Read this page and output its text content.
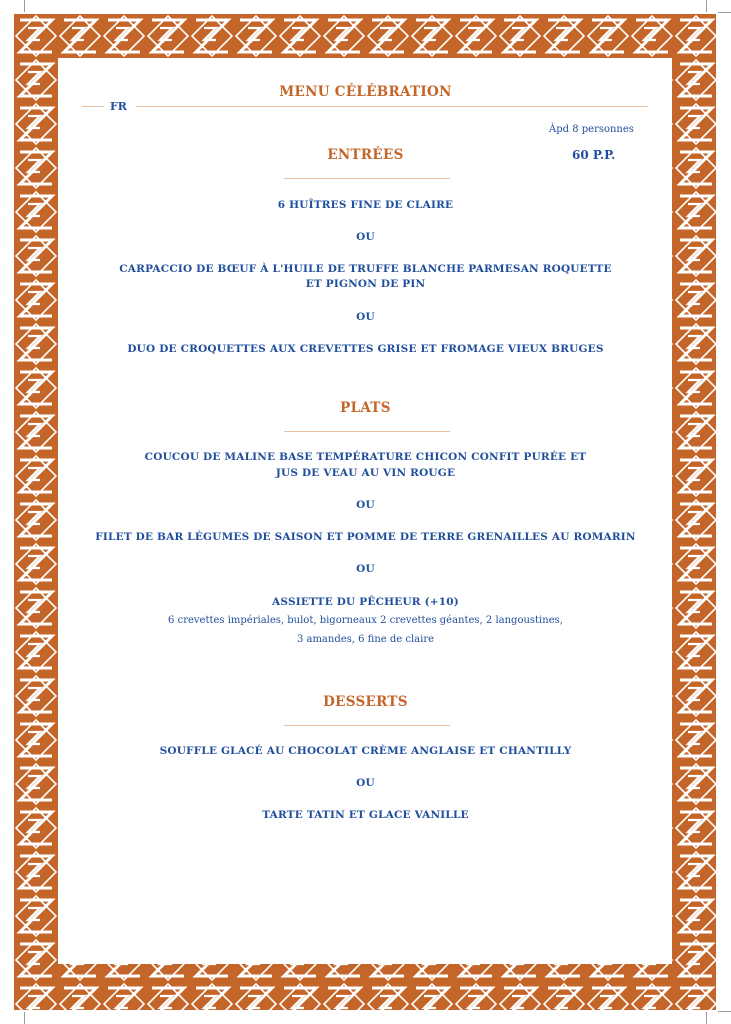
MENU CÉLÉBRATION
FR
Àpd 8 personnes
60 P.P.
ENTRÉES
6 HUÎTRES FINE DE CLAIRE
OU
CARPACCIO DE BŒUF À L'HUILE DE TRUFFE BLANCHE PARMESAN ROQUETTE
ET PIGNON DE PIN
OU
DUO DE CROQUETTES AUX CREVETTES GRISE ET FROMAGE VIEUX BRUGES
PLATS
COUCOU DE MALINE BASE TEMPÉRATURE CHICON CONFIT PURÉE ET
JUS DE VEAU AU VIN ROUGE
OU
FILET DE BAR LÉGUMES DE SAISON ET POMME DE TERRE GRENAILLES AU ROMARIN
OU
ASSIETTE DU PÊCHEUR (+10)
6 crevettes impériales, bulot, bigorneaux 2 crevettes géantes, 2 langoustines,
3 amandes, 6 fine de claire
DESSERTS
SOUFFLE GLACÉ AU CHOCOLAT CRÈME ANGLAISE ET CHANTILLY
OU
TARTE TATIN ET GLACE VANILLE
